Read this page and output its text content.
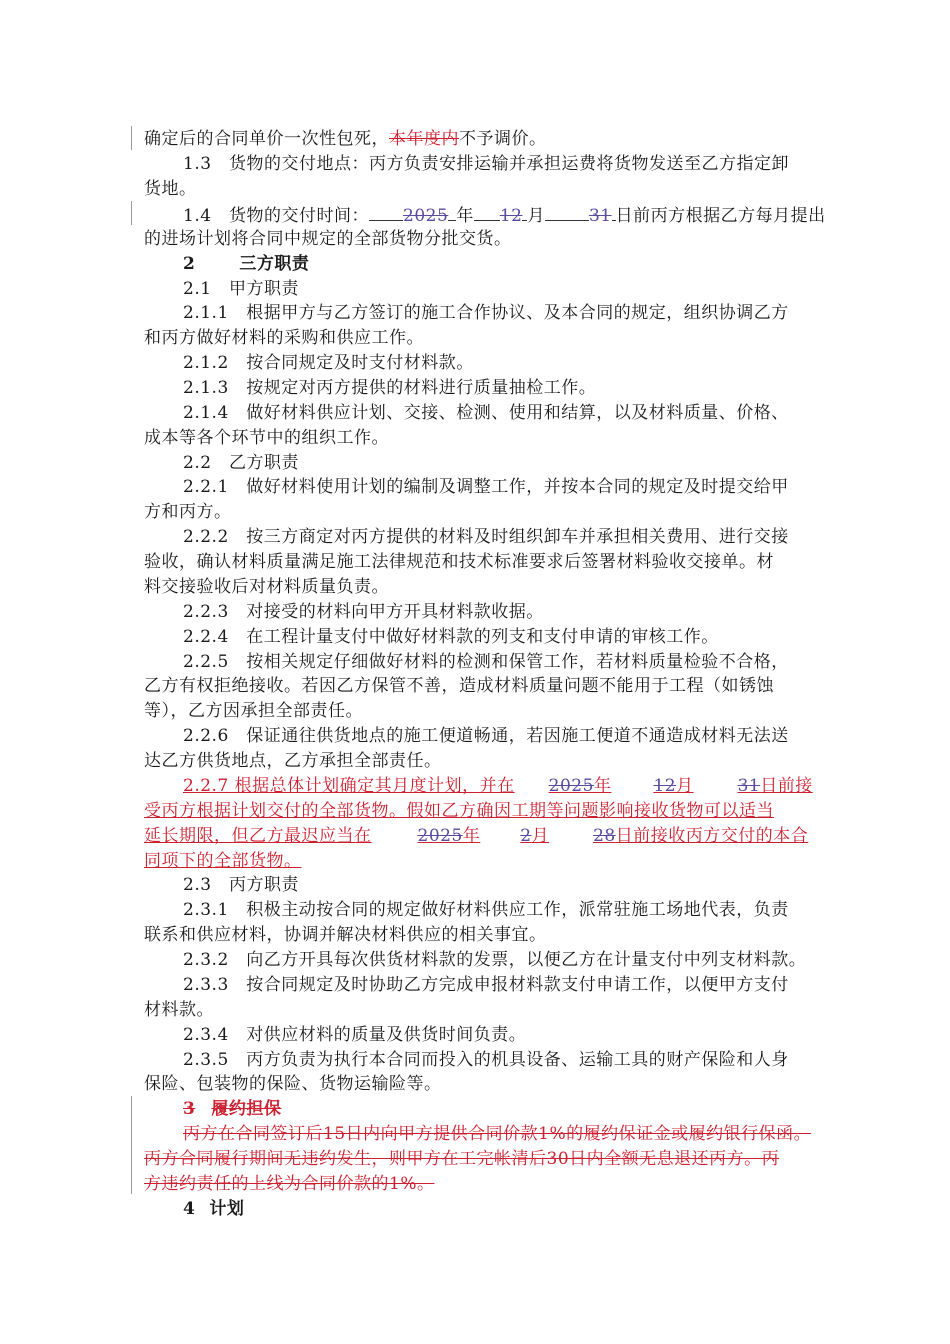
确定后的合同单价一次性包死，本年度内不予调价。
1.3　货物的交付地点：丙方负责安排运输并承担运费将货物发送至乙方指定卸
货地。
1.4　货物的交付时间： 2025 年 12 月	31 日前丙方根据乙方每月提出
的进场计划将合同中规定的全部货物分批交货。
2	三方职责
2.1　甲方职责
2.1.1　根据甲方与乙方签订的施工合作协议、及本合同的规定，组织协调乙方
和丙方做好材料的采购和供应工作。
2.1.2　按合同规定及时支付材料款。
2.1.3　按规定对丙方提供的材料进行质量抽检工作。
2.1.4　做好材料供应计划、交接、检测、使用和结算，以及材料质量、价格、
成本等各个环节中的组织工作。
2.2　乙方职责
2.2.1　做好材料使用计划的编制及调整工作，并按本合同的规定及时提交给甲
方和丙方。
2.2.2　按三方商定对丙方提供的材料及时组织卸车并承担相关费用、进行交接
验收，确认材料质量满足施工法律规范和技术标准要求后签署材料验收交接单。材
料交接验收后对材料质量负责。
2.2.3　对接受的材料向甲方开具材料款收据。
2.2.4　在工程计量支付中做好材料款的列支和支付申请的审核工作。
2.2.5　按相关规定仔细做好材料的检测和保管工作，若材料质量检验不合格，
乙方有权拒绝接收。若因乙方保管不善，造成材料质量问题不能用于工程（如锈蚀
等），乙方因承担全部责任。
2.2.6　保证通往供货地点的施工便道畅通，若因施工便道不通造成材料无法送
达乙方供货地点，乙方承担全部责任。
2.2.7 根据总体计划确定其月度计划，并在 2025年 12月	31日前接
受丙方根据计划交付的全部货物。假如乙方确因工期等问题影响接收货物可以适当
延长期限，但乙方最迟应当在	2025年 2月	28日前接收丙方交付的本合
同项下的全部货物。
2.3　丙方职责
2.3.1　积极主动按合同的规定做好材料供应工作，派常驻施工场地代表，负责
联系和供应材料，协调并解决材料供应的相关事宜。
2.3.2　向乙方开具每次供货材料款的发票，以便乙方在计量支付中列支材料款。
2.3.3　按合同规定及时协助乙方完成申报材料款支付申请工作，以便甲方支付
材料款。
2.3.4　对供应材料的质量及供货时间负责。
2.3.5　丙方负责为执行本合同而投入的机具设备、运输工具的财产保险和人身
保险、包装物的保险、货物运输险等。
3 履约担保
丙方在合同签订后15日内向甲方提供合同价款1%的履约保证金或履约银行保函。
丙方合同履行期间无违约发生，则甲方在工完帐清后30日内全额无息退还丙方。丙
方违约责任的上线为合同价款的1%。
4 计划
